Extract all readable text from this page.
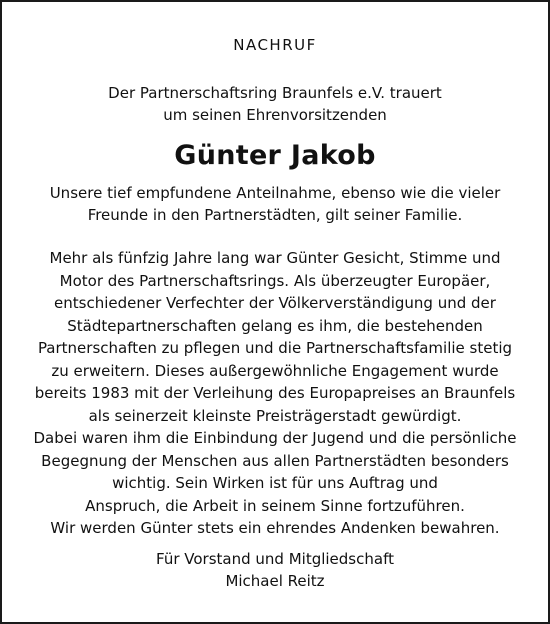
NACHRUF
Der Partnerschaftsring Braunfels e.V. trauert
um seinen Ehrenvorsitzenden
Günter Jakob
Unsere tief empfundene Anteilnahme, ebenso wie die vieler
Freunde in den Partnerstädten, gilt seiner Familie.
Mehr als fünfzig Jahre lang war Günter Gesicht, Stimme und
Motor des Partnerschaftsrings. Als überzeugter Europäer,
entschiedener Verfechter der Völkerverständigung und der
Städtepartnerschaften gelang es ihm, die bestehenden
Partnerschaften zu pflegen und die Partnerschaftsfamilie stetig
zu erweitern. Dieses außergewöhnliche Engagement wurde
bereits 1983 mit der Verleihung des Europapreises an Braunfels
als seinerzeit kleinste Preisträgerstadt gewürdigt.
Dabei waren ihm die Einbindung der Jugend und die persönliche
Begegnung der Menschen aus allen Partnerstädten besonders
wichtig. Sein Wirken ist für uns Auftrag und
Anspruch, die Arbeit in seinem Sinne fortzuführen.
Wir werden Günter stets ein ehrendes Andenken bewahren.
Für Vorstand und Mitgliedschaft
Michael Reitz
